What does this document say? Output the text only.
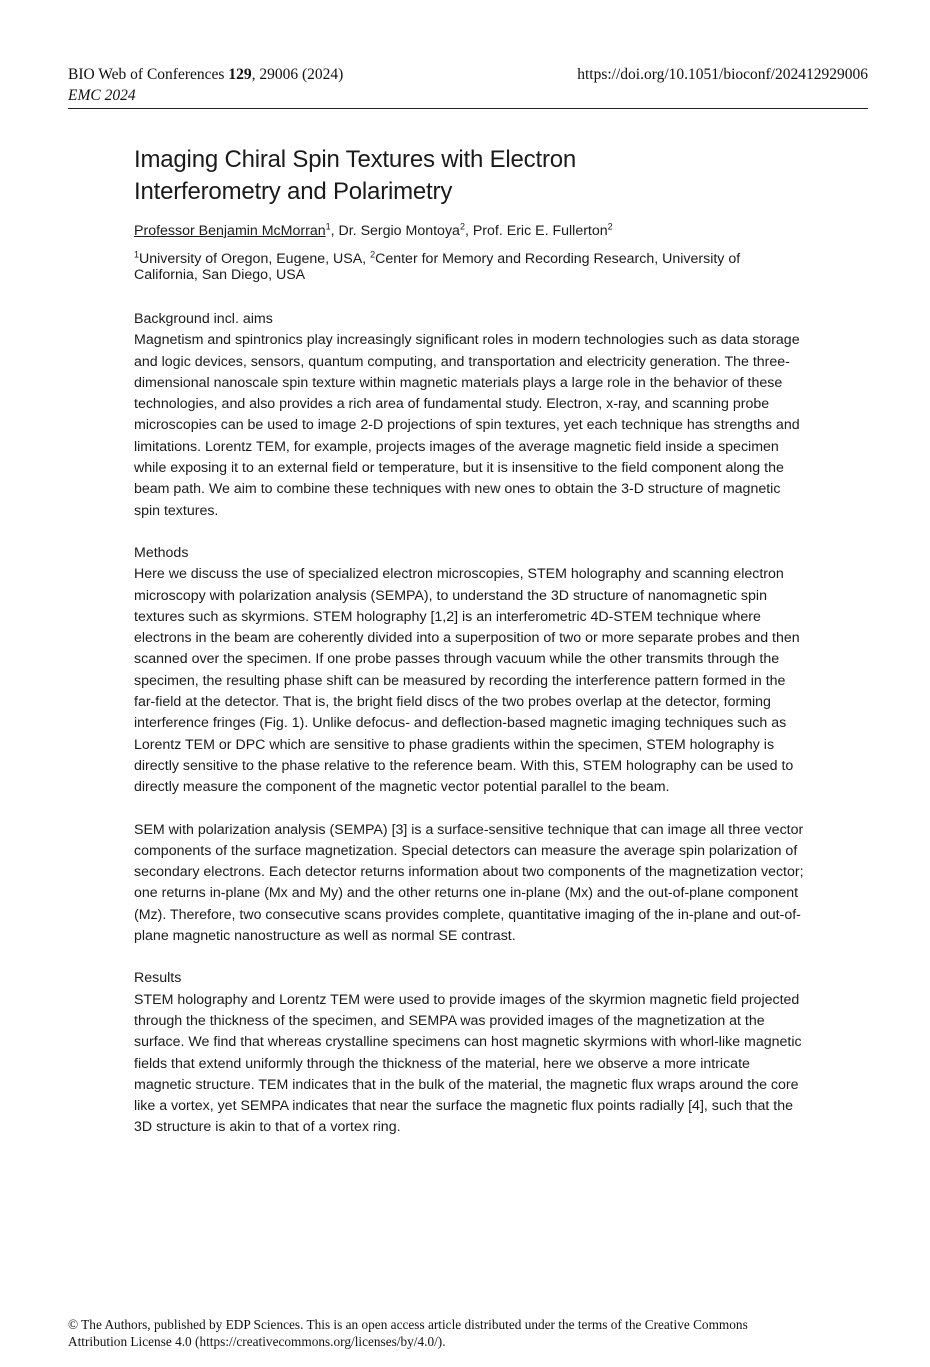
BIO Web of Conferences 129, 29006 (2024)
EMC 2024
https://doi.org/10.1051/bioconf/202412929006
Imaging Chiral Spin Textures with Electron
Interferometry and Polarimetry

Professor Benjamin McMorran$^1$, Dr. Sergio Montoya$^2$, Prof. Eric E. Fullerton$^2$

$^1$University of Oregon, Eugene, USA, $^2$Center for Memory and Recording Research, University of California, San Diego, USA

Background incl. aims

Magnetism and spintronics play increasingly significant roles in modern technologies such as data storage and logic devices, sensors, quantum computing, and transportation and electricity generation. The three-dimensional nanoscale spin texture within magnetic materials plays a large role in the behavior of these technologies, and also provides a rich area of fundamental study. Electron, x-ray, and scanning probe microscopies can be used to image 2-D projections of spin textures, yet each technique has strengths and limitations. Lorentz TEM, for example, projects images of the average magnetic field inside a specimen while exposing it to an external field or temperature, but it is insensitive to the field component along the beam path. We aim to combine these techniques with new ones to obtain the 3-D structure of magnetic spin textures.

Methods

Here we discuss the use of specialized electron microscopies, STEM holography and scanning electron microscopy with polarization analysis (SEMPA), to understand the 3D structure of nanomagnetic spin textures such as skyrmions. STEM holography [1,2] is an interferometric 4D-STEM technique where electrons in the beam are coherently divided into a superposition of two or more separate probes and then scanned over the specimen. If one probe passes through vacuum while the other transmits through the specimen, the resulting phase shift can be measured by recording the interference pattern formed in the far-field at the detector. That is, the bright field discs of the two probes overlap at the detector, forming interference fringes (Fig. 1). Unlike defocus- and deflection-based magnetic imaging techniques such as Lorentz TEM or DPC which are sensitive to phase gradients within the specimen, STEM holography is directly sensitive to the phase relative to the reference beam. With this, STEM holography can be used to directly measure the component of the magnetic vector potential parallel to the beam.

SEM with polarization analysis (SEMPA) [3] is a surface-sensitive technique that can image all three vector components of the surface magnetization. Special detectors can measure the average spin polarization of secondary electrons. Each detector returns information about two components of the magnetization vector; one returns in-plane (Mx and My) and the other returns one in-plane (Mx) and the out-of-plane component (Mz). Therefore, two consecutive scans provides complete, quantitative imaging of the in-plane and out-of-plane magnetic nanostructure as well as normal SE contrast.

Results

STEM holography and Lorentz TEM were used to provide images of the skyrmion magnetic field projected through the thickness of the specimen, and SEMPA was provided images of the magnetization at the surface. We find that whereas crystalline specimens can host magnetic skyrmions with whorl-like magnetic fields that extend uniformly through the thickness of the material, here we observe a more intricate magnetic structure. TEM indicates that in the bulk of the material, the magnetic flux wraps around the core like a vortex, yet SEMPA indicates that near the surface the magnetic flux points radially [4], such that the 3D structure is akin to that of a vortex ring.

© The Authors, published by EDP Sciences. This is an open access article distributed under the terms of the Creative Commons
Attribution License 4.0 (https://creativecommons.org/licenses/by/4.0/).
